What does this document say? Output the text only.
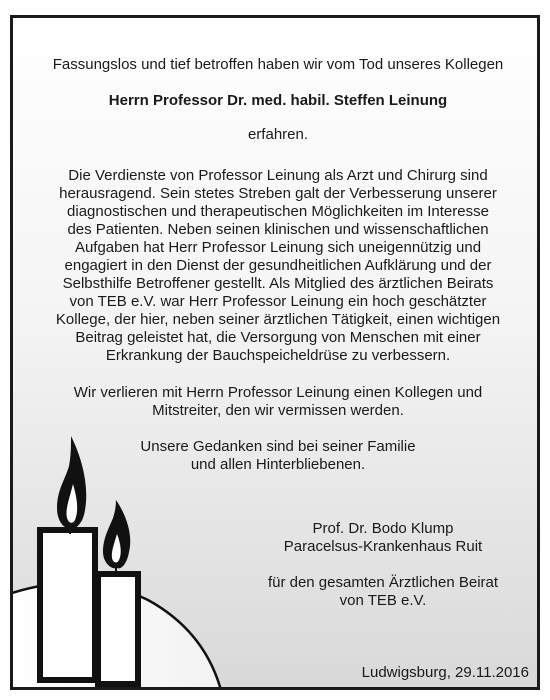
Fassungslos und tief betroffen haben wir vom Tod unseres Kollegen
Herrn Professor Dr. med. habil. Steffen Leinung
erfahren.
Die Verdienste von Professor Leinung als Arzt und Chirurg sind
herausragend. Sein stetes Streben galt der Verbesserung unserer
diagnostischen und therapeutischen Möglichkeiten im Interesse
des Patienten. Neben seinen klinischen und wissenschaftlichen
Aufgaben hat Herr Professor Leinung sich uneigennützig und
engagiert in den Dienst der gesundheitlichen Aufklärung und der
Selbsthilfe Betroffener gestellt. Als Mitglied des ärztlichen Beirats
von TEB e.V. war Herr Professor Leinung ein hoch geschätzter
Kollege, der hier, neben seiner ärztlichen Tätigkeit, einen wichtigen
Beitrag geleistet hat, die Versorgung von Menschen mit einer
Erkrankung der Bauchspeicheldrüse zu verbessern.
Wir verlieren mit Herrn Professor Leinung einen Kollegen und
Mitstreiter, den wir vermissen werden.
Unsere Gedanken sind bei seiner Familie
und allen Hinterbliebenen.
Prof. Dr. Bodo Klump
Paracelsus-Krankenhaus Ruit
für den gesamten Ärztlichen Beirat
von TEB e.V.
Ludwigsburg, 29.11.2016
